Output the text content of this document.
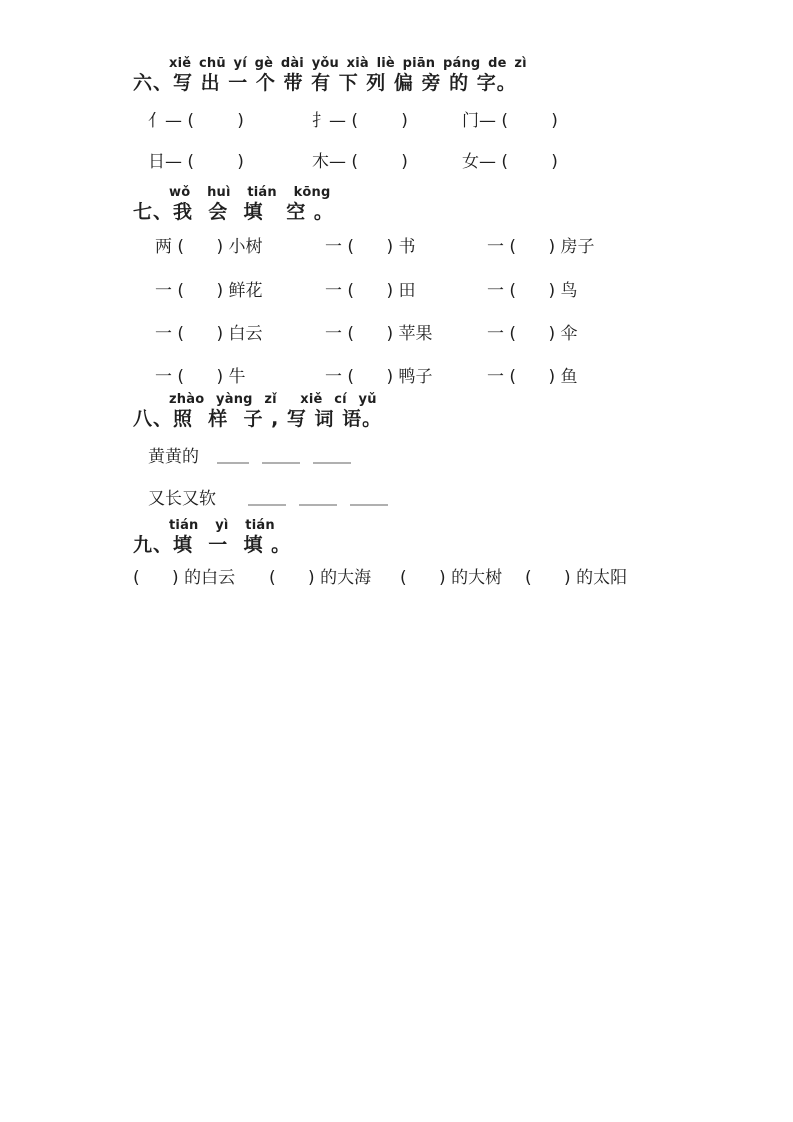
xiě chū yí gè dài yǒu xià liè piān páng de zì
六、写 出 一 个 带 有 下 列 偏 旁 的 字。
亻— (        )	扌— (        )	门— (        )
日— (        )	木— (        )	女— (        )
wǒ huì tián kōng
七、我  会  填   空 。
两 (      ) 小树	一 (      ) 书	一 (      ) 房子
一 (      ) 鲜花	一 (      ) 田	一 (      ) 鸟
一 (      ) 白云	一 (      ) 苹果	一 (      ) 伞
一 (      ) 牛	一 (      ) 鸭子	一 (      ) 鱼
zhào yàng zǐ  xiě cí yǔ
八、照  样  子 , 写 词 语。
黄黄的
又长又软
tián yì tián
九、填  一  填 。
(      ) 的白云	(      ) 的大海	(      ) 的大树	(      ) 的太阳
